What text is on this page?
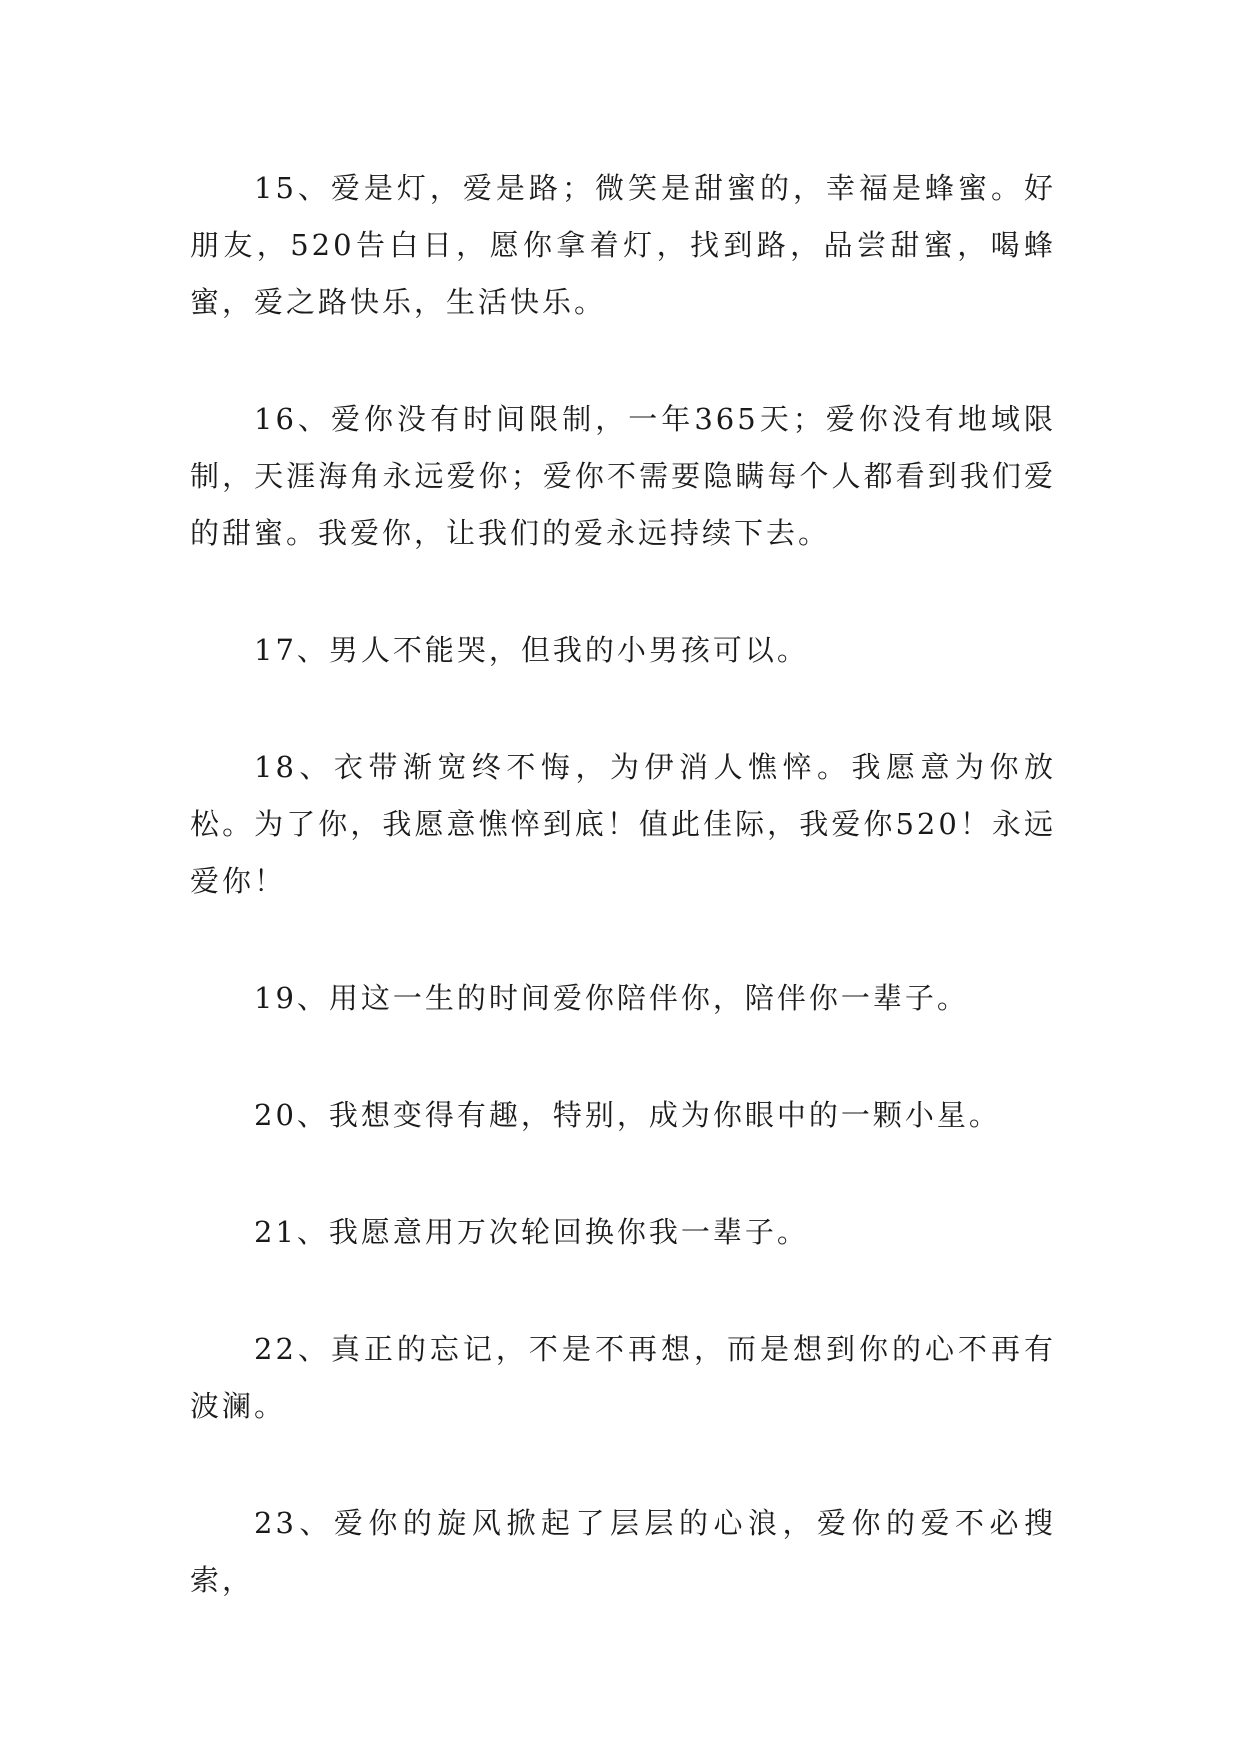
15、爱是灯，爱是路；微笑是甜蜜的，幸福是蜂蜜。好朋友，520告白日，愿你拿着灯，找到路，品尝甜蜜，喝蜂蜜，爱之路快乐，生活快乐。

16、爱你没有时间限制，一年365天；爱你没有地域限制，天涯海角永远爱你；爱你不需要隐瞒每个人都看到我们爱的甜蜜。我爱你，让我们的爱永远持续下去。

17、男人不能哭，但我的小男孩可以。

18、衣带渐宽终不悔，为伊消人憔悴。我愿意为你放松。为了你，我愿意憔悴到底！值此佳际，我爱你520！永远爱你！

19、用这一生的时间爱你陪伴你，陪伴你一辈子。

20、我想变得有趣，特别，成为你眼中的一颗小星。

21、我愿意用万次轮回换你我一辈子。

22、真正的忘记，不是不再想，而是想到你的心不再有波澜。

23、爱你的旋风掀起了层层的心浪，爱你的爱不必搜索，
